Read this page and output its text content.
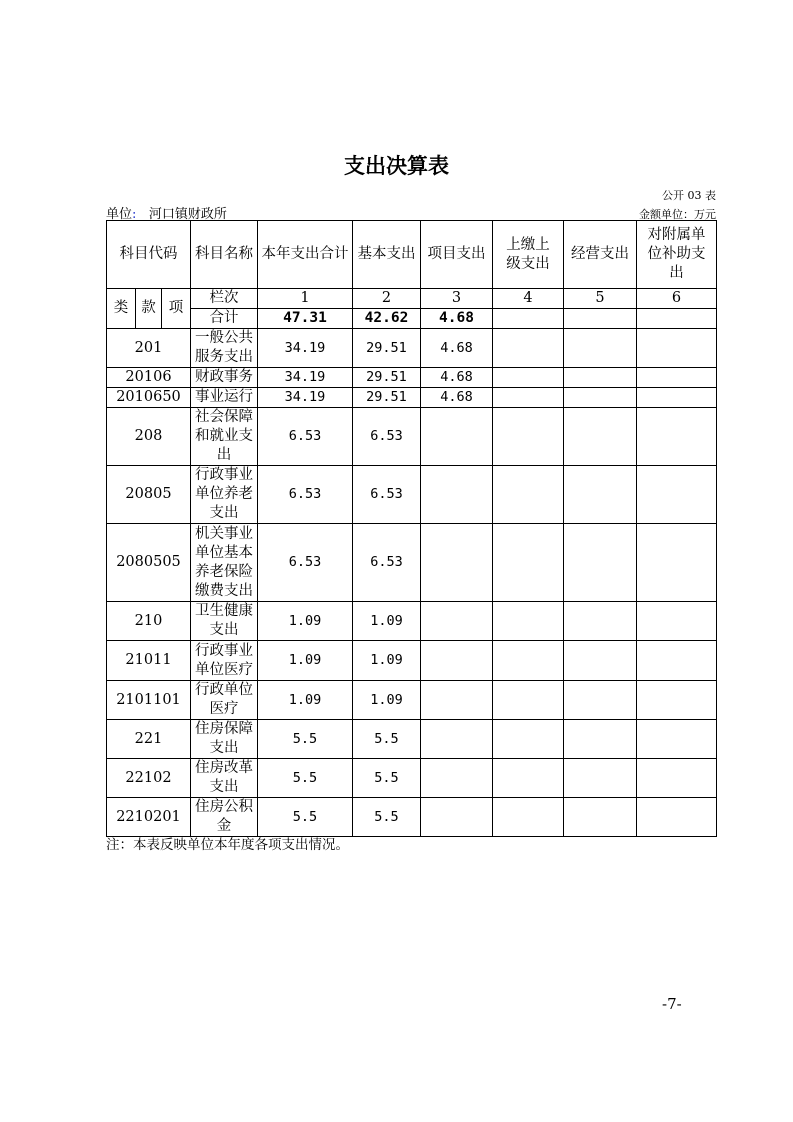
支出决算表
公开 03 表
单位: 河口镇财政所	金额单位：万元
科目代码			科目名称	本年支出合计	基本支出	项目支出	上缴上级支出	经营支出	对附属单位补助支出
类	款	项	栏次	1	2	3	4	5	6
			合计	47.31	42.62	4.68			
201			一般公共服务支出	34.19	29.51	4.68			
20106			财政事务	34.19	29.51	4.68			
2010650			事业运行	34.19	29.51	4.68			
208			社会保障和就业支出	6.53	6.53				
20805			行政事业单位养老支出	6.53	6.53				
2080505			机关事业单位基本养老保险缴费支出	6.53	6.53				
210			卫生健康支出	1.09	1.09				
21011			行政事业单位医疗	1.09	1.09				
2101101			行政单位医疗	1.09	1.09				
221			住房保障支出	5.5	5.5				
22102			住房改革支出	5.5	5.5				
2210201			住房公积金	5.5	5.5				
注：本表反映单位本年度各项支出情况。
-7-
